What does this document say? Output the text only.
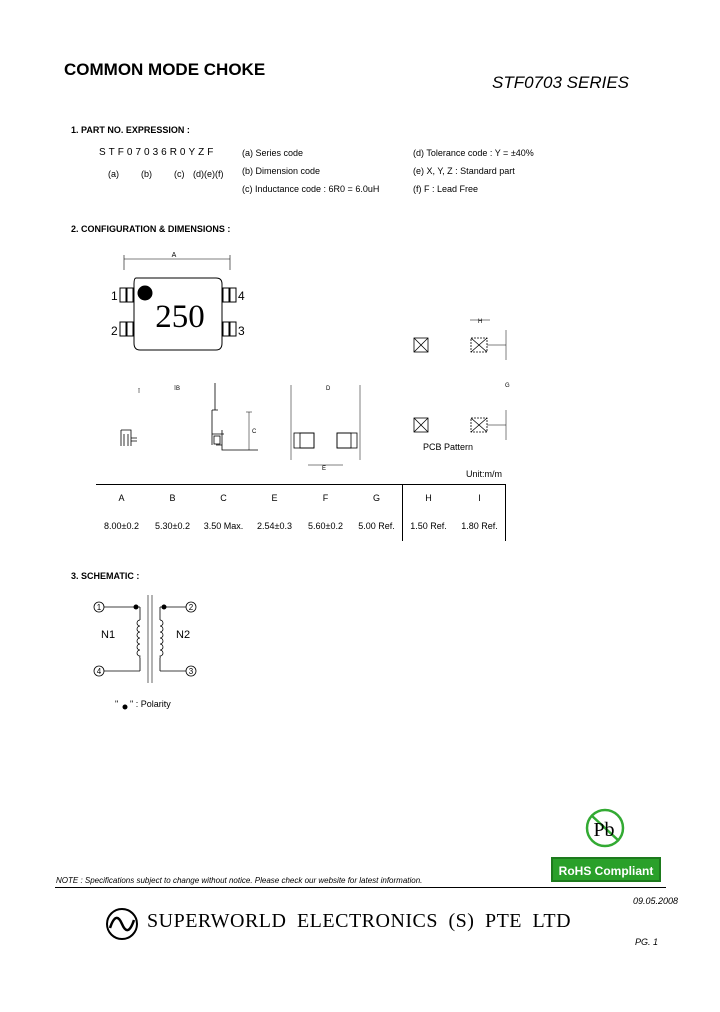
COMMON MODE CHOKE
STF0703 SERIES
1. PART NO. EXPRESSION :
STF07036R0YZF
(a) (b) (c) (d)(e)(f)
(a) Series code
(b) Dimension code
(c) Inductance code : 6R0 = 6.0uH
(d) Tolerance code : Y = ±40%
(e) X, Y, Z : Standard part
(f) F : Lead Free
2. CONFIGURATION & DIMENSIONS :
A
250
1
2	3
4
-	B
C
D
E
H
G
PCB Pattern
1	2
4	3
N1	N2
" " : Polarity
Pb
Unit:m/m
A	B	C	E	F	G	H	I
8.00±0.2	5.30±0.2	3.50 Max.	2.54±0.3	5.60±0.2	5.00 Ref.	1.50 Ref.	1.80 Ref.
3. SCHEMATIC :
RoHS Compliant
NOTE : Specifications subject to change without notice. Please check our website for latest information.
09.05.2008
SUPERWORLD ELECTRONICS (S) PTE LTD
PG. 1
